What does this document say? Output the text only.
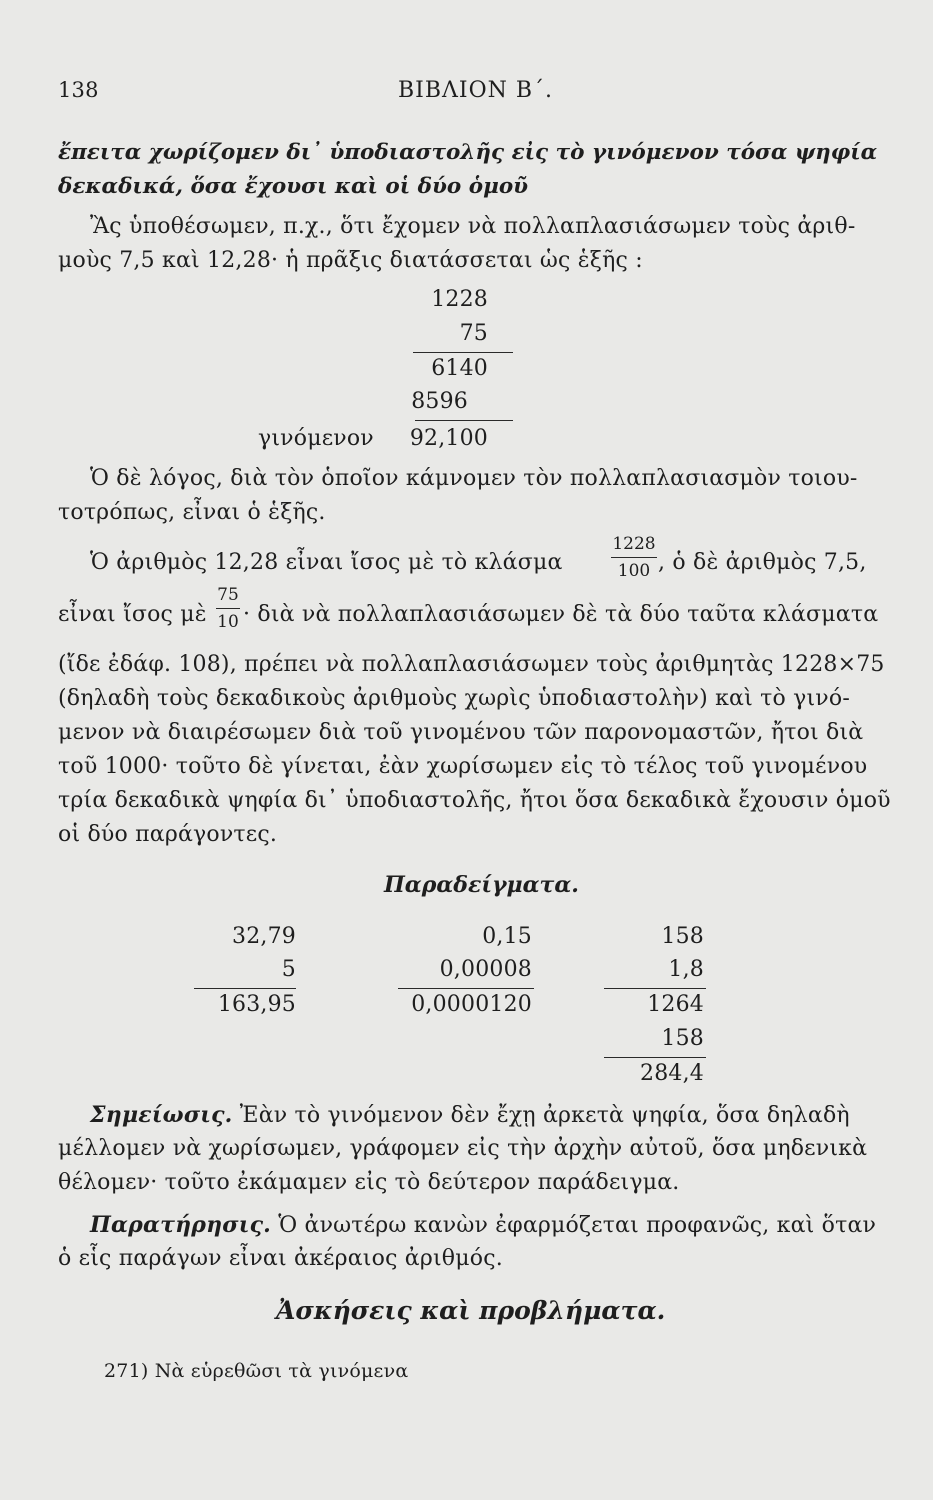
138	ΒΙΒΛΙΟΝ Β΄.
ἔπειτα χωρίζομεν δι᾿ ὑποδιαστολῆς εἰς τὸ γινόμενον τόσα ψηφία
δεκαδικά, ὅσα ἔχουσι καὶ οἱ δύο ὁμοῦ
Ἂς ὑποθέσωμεν, π.χ., ὅτι ἔχομεν νὰ πολλαπλασιάσωμεν τοὺς ἀριθ-
μοὺς 7,5 καὶ 12,28· ἡ πρᾶξις διατάσσεται ὡς ἑξῆς :
1228
75
6140
8596
γινόμενον 92,100
Ὁ δὲ λόγος, διὰ τὸν ὁποῖον κάμνομεν τὸν πολλαπλασιασμὸν τοιου-
τοτρόπως, εἶναι ὁ ἑξῆς.
Ὁ ἀριθμὸς 12,28 εἶναι ἴσος μὲ τὸ κλάσμα
1228
100 , ὁ δὲ ἀριθμὸς 7,5,
εἶναι ἴσος μὲ
75
10 · διὰ νὰ πολλαπλασιάσωμεν δὲ τὰ δύο ταῦτα κλάσματα
(ἴδε ἐδάφ. 108), πρέπει νὰ πολλαπλασιάσωμεν τοὺς ἀριθμητὰς 1228×75
(δηλαδὴ τοὺς δεκαδικοὺς ἀριθμοὺς χωρὶς ὑποδιαστολὴν) καὶ τὸ γινό-
μενον νὰ διαιρέσωμεν διὰ τοῦ γινομένου τῶν παρονομαστῶν, ἤτοι διὰ
τοῦ 1000· τοῦτο δὲ γίνεται, ἐὰν χωρίσωμεν εἰς τὸ τέλος τοῦ γινομένου
τρία δεκαδικὰ ψηφία δι᾿ ὑποδιαστολῆς, ἤτοι ὅσα δεκαδικὰ ἔχουσιν ὁμοῦ
οἱ δύο παράγοντες.
Παραδείγματα.
32,79
5
163,95
0,15
0,00008
0,0000120
158
1,8
1264
158
284,4
Σημείωσις. Ἐὰν τὸ γινόμενον δὲν ἔχῃ ἀρκετὰ ψηφία, ὅσα δηλαδὴ
μέλλομεν νὰ χωρίσωμεν, γράφομεν εἰς τὴν ἀρχὴν αὐτοῦ, ὅσα μηδενικὰ
θέλομεν· τοῦτο ἐκάμαμεν εἰς τὸ δεύτερον παράδειγμα.
Παρατήρησις. Ὁ ἀνωτέρω κανὼν ἐφαρμόζεται προφανῶς, καὶ ὅταν
ὁ εἷς παράγων εἶναι ἀκέραιος ἀριθμός.
Ἀσκήσεις καὶ προβλήματα.
271) Νὰ εὑρεθῶσι τὰ γινόμενα
